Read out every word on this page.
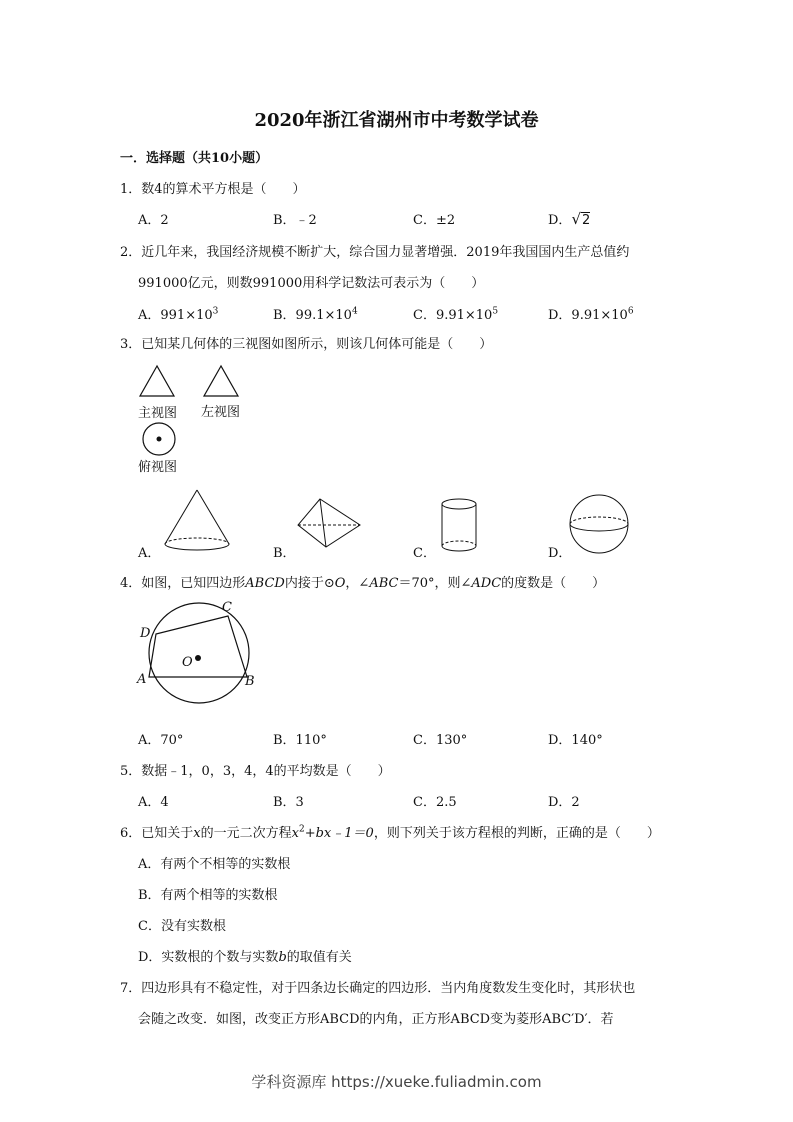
2020年浙江省湖州市中考数学试卷
一．选择题（共10小题）
1．数4的算术平方根是（　　）
A．2	B．﹣2	C．±2	D．√2
2．近几年来，我国经济规模不断扩大，综合国力显著增强．2019年我国国内生产总值约
991000亿元，则数991000用科学记数法可表示为（　　）
A．$991\times 10^3$	B．$99.1\times 10^4$	C．$9.91\times 10^5$	D．$9.91\times 10^6$
3．已知某几何体的三视图如图所示，则该几何体可能是（　　）
主视图 左视图
俯视图
A．	B．	C．	D．
4．如图，已知四边形ABCD内接于⊙O，∠ABC＝70°，则∠ADC的度数是（　　）
C
D
O
A	B
A．70°	B．110°	C．130°	D．140°
5．数据﹣1，0，3，4，4的平均数是（　　）
A．4	B．3	C．2.5	D．2
6．已知关于x的一元二次方程$x^2+bx﹣1=0$，则下列关于该方程根的判断，正确的是（　　）
A．有两个不相等的实数根
B．有两个相等的实数根
C．没有实数根
D．实数根的个数与实数b的取值有关
7．四边形具有不稳定性，对于四条边长确定的四边形．当内角度数发生变化时，其形状也
会随之改变．如图，改变正方形ABCD的内角，正方形ABCD变为菱形ABC′D′．若
学科资源库 https://xueke.fuliadmin.com
